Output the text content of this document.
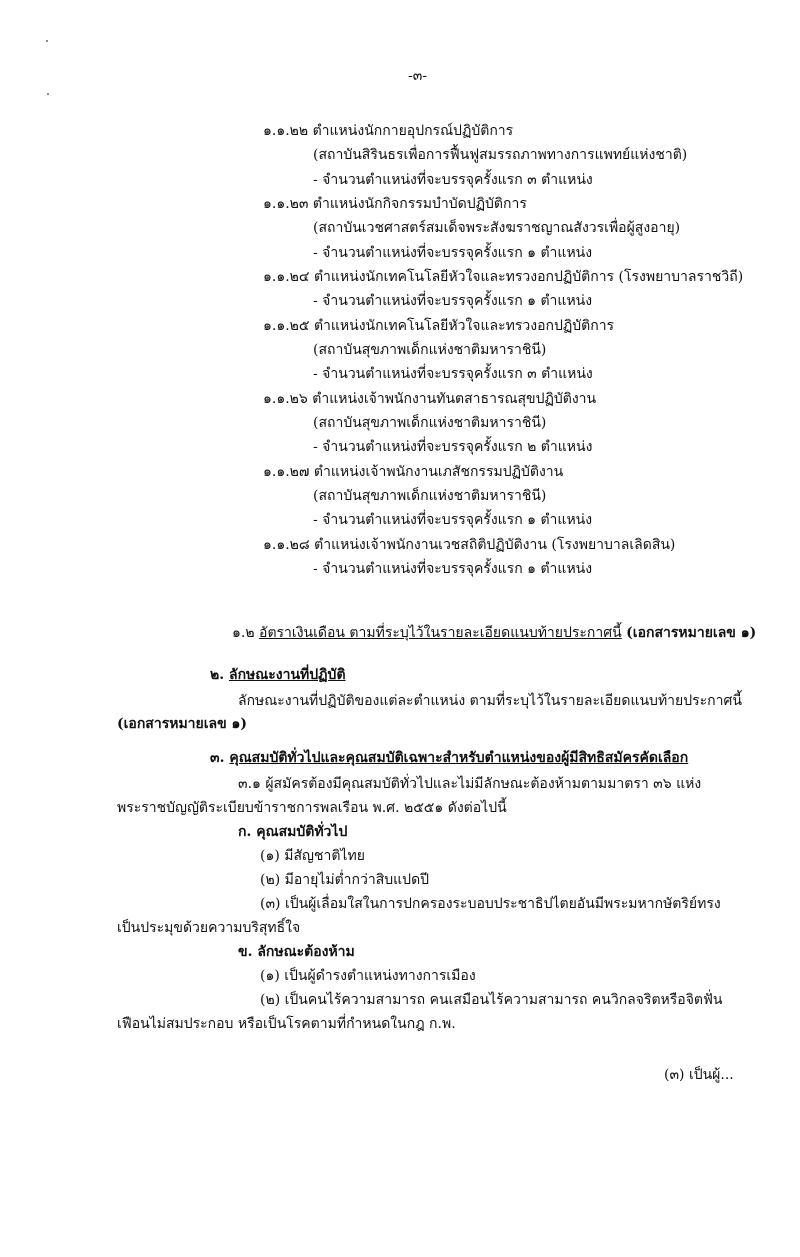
-๓-
๑.๑.๒๒ ตำแหน่งนักกายอุปกรณ์ปฏิบัติการ
(สถาบันสิรินธรเพื่อการฟื้นฟูสมรรถภาพทางการแพทย์แห่งชาติ)
- จำนวนตำแหน่งที่จะบรรจุครั้งแรก ๓ ตำแหน่ง
๑.๑.๒๓ ตำแหน่งนักกิจกรรมบำบัดปฏิบัติการ
(สถาบันเวชศาสตร์สมเด็จพระสังฆราชญาณสังวรเพื่อผู้สูงอายุ)
- จำนวนตำแหน่งที่จะบรรจุครั้งแรก ๑ ตำแหน่ง
๑.๑.๒๔ ตำแหน่งนักเทคโนโลยีหัวใจและทรวงอกปฏิบัติการ (โรงพยาบาลราชวิถี)
- จำนวนตำแหน่งที่จะบรรจุครั้งแรก ๑ ตำแหน่ง
๑.๑.๒๕ ตำแหน่งนักเทคโนโลยีหัวใจและทรวงอกปฏิบัติการ
(สถาบันสุขภาพเด็กแห่งชาติมหาราชินี)
- จำนวนตำแหน่งที่จะบรรจุครั้งแรก ๓ ตำแหน่ง
๑.๑.๒๖ ตำแหน่งเจ้าพนักงานทันตสาธารณสุขปฏิบัติงาน
(สถาบันสุขภาพเด็กแห่งชาติมหาราชินี)
- จำนวนตำแหน่งที่จะบรรจุครั้งแรก ๒ ตำแหน่ง
๑.๑.๒๗ ตำแหน่งเจ้าพนักงานเภสัชกรรมปฏิบัติงาน
(สถาบันสุขภาพเด็กแห่งชาติมหาราชินี)
- จำนวนตำแหน่งที่จะบรรจุครั้งแรก ๑ ตำแหน่ง
๑.๑.๒๘ ตำแหน่งเจ้าพนักงานเวชสถิติปฏิบัติงาน (โรงพยาบาลเลิดสิน)
- จำนวนตำแหน่งที่จะบรรจุครั้งแรก ๑ ตำแหน่ง
๑.๒ อัตราเงินเดือน ตามที่ระบุไว้ในรายละเอียดแนบท้ายประกาศนี้ (เอกสารหมายเลข ๑)
๒. ลักษณะงานที่ปฏิบัติ
ลักษณะงานที่ปฏิบัติของแต่ละตำแหน่ง ตามที่ระบุไว้ในรายละเอียดแนบท้ายประกาศนี้
(เอกสารหมายเลข ๑)
๓. คุณสมบัติทั่วไปและคุณสมบัติเฉพาะสำหรับตำแหน่งของผู้มีสิทธิสมัครคัดเลือก
๓.๑ ผู้สมัครต้องมีคุณสมบัติทั่วไปและไม่มีลักษณะต้องห้ามตามมาตรา ๓๖ แห่ง
พระราชบัญญัติระเบียบข้าราชการพลเรือน พ.ศ. ๒๕๕๑ ดังต่อไปนี้
ก. คุณสมบัติทั่วไป
(๑) มีสัญชาติไทย
(๒) มีอายุไม่ต่ำกว่าสิบแปดปี
(๓) เป็นผู้เลื่อมใสในการปกครองระบอบประชาธิปไตยอันมีพระมหากษัตริย์ทรง
เป็นประมุขด้วยความบริสุทธิ์ใจ
ข. ลักษณะต้องห้าม
(๑) เป็นผู้ดำรงตำแหน่งทางการเมือง
(๒) เป็นคนไร้ความสามารถ คนเสมือนไร้ความสามารถ คนวิกลจริตหรือจิตฟั่น
เฟือนไม่สมประกอบ หรือเป็นโรคตามที่กำหนดในกฎ ก.พ.
(๓) เป็นผู้...
